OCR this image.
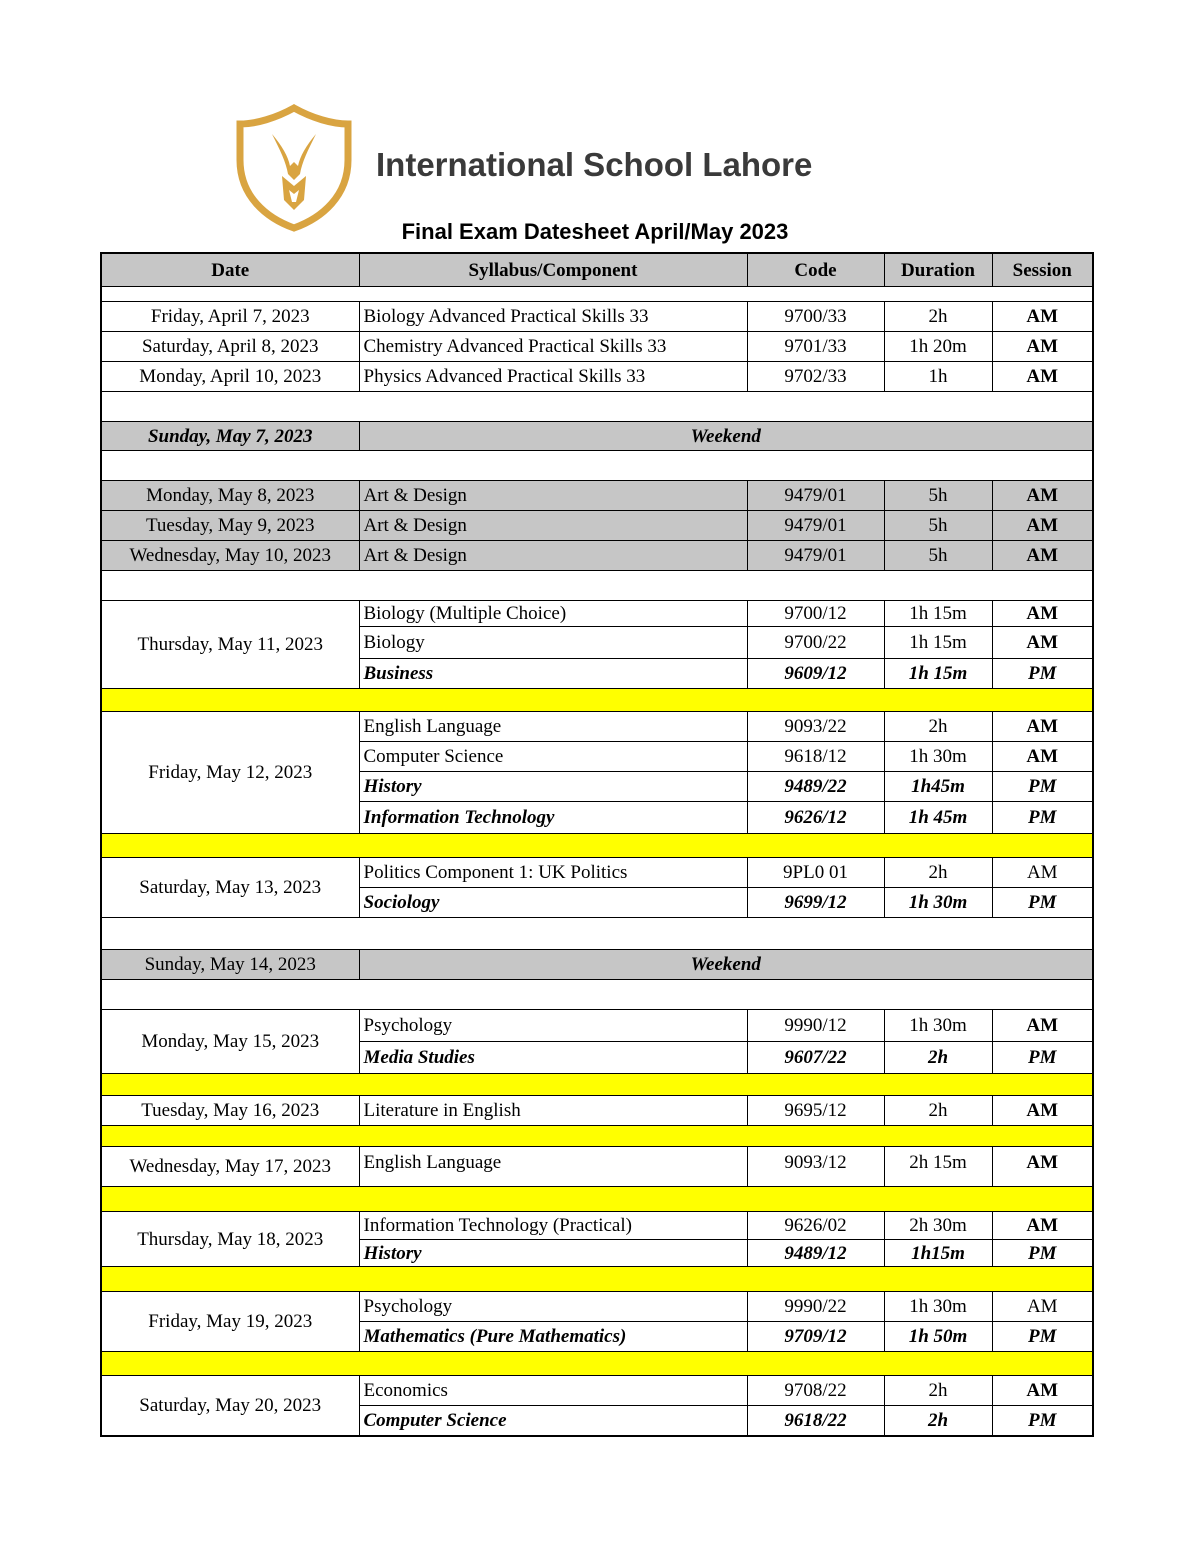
International School Lahore
Final Exam Datesheet April/May 2023
Date	Syllabus/Component	Code	Duration	Session

Friday, April 7, 2023	Biology Advanced Practical Skills 33	9700/33	2h	AM
Saturday, April 8, 2023	Chemistry Advanced Practical Skills 33	9701/33	1h 20m	AM
Monday, April 10, 2023	Physics Advanced Practical Skills 33	9702/33	1h	AM

Sunday, May 7, 2023	Weekend			

Monday, May 8, 2023	Art & Design	9479/01	5h	AM
Tuesday, May 9, 2023	Art & Design	9479/01	5h	AM
Wednesday, May 10, 2023	Art & Design	9479/01	5h	AM

Thursday, May 11, 2023	Biology (Multiple Choice)	9700/12	1h 15m	AM
	Biology	9700/22	1h 15m	AM
	Business	9609/12	1h 15m	PM

Friday, May 12, 2023	English Language	9093/22	2h	AM
	Computer Science	9618/12	1h 30m	AM
	History	9489/22	1h45m	PM
	Information Technology	9626/12	1h 45m	PM

Saturday, May 13, 2023	Politics Component 1: UK Politics	9PL0 01	2h	AM
	Sociology	9699/12	1h 30m	PM

Sunday, May 14, 2023	Weekend			

Monday, May 15, 2023	Psychology	9990/12	1h 30m	AM
	Media Studies	9607/22	2h	PM

Tuesday, May 16, 2023	Literature in English	9695/12	2h	AM

Wednesday, May 17, 2023	English Language	9093/12	2h 15m	AM

Thursday, May 18, 2023	Information Technology (Practical)	9626/02	2h 30m	AM
	History	9489/12	1h15m	PM

Friday, May 19, 2023	Psychology	9990/22	1h 30m	AM
	Mathematics (Pure Mathematics)	9709/12	1h 50m	PM

Saturday, May 20, 2023	Economics	9708/22	2h	AM
	Computer Science	9618/22	2h	PM
